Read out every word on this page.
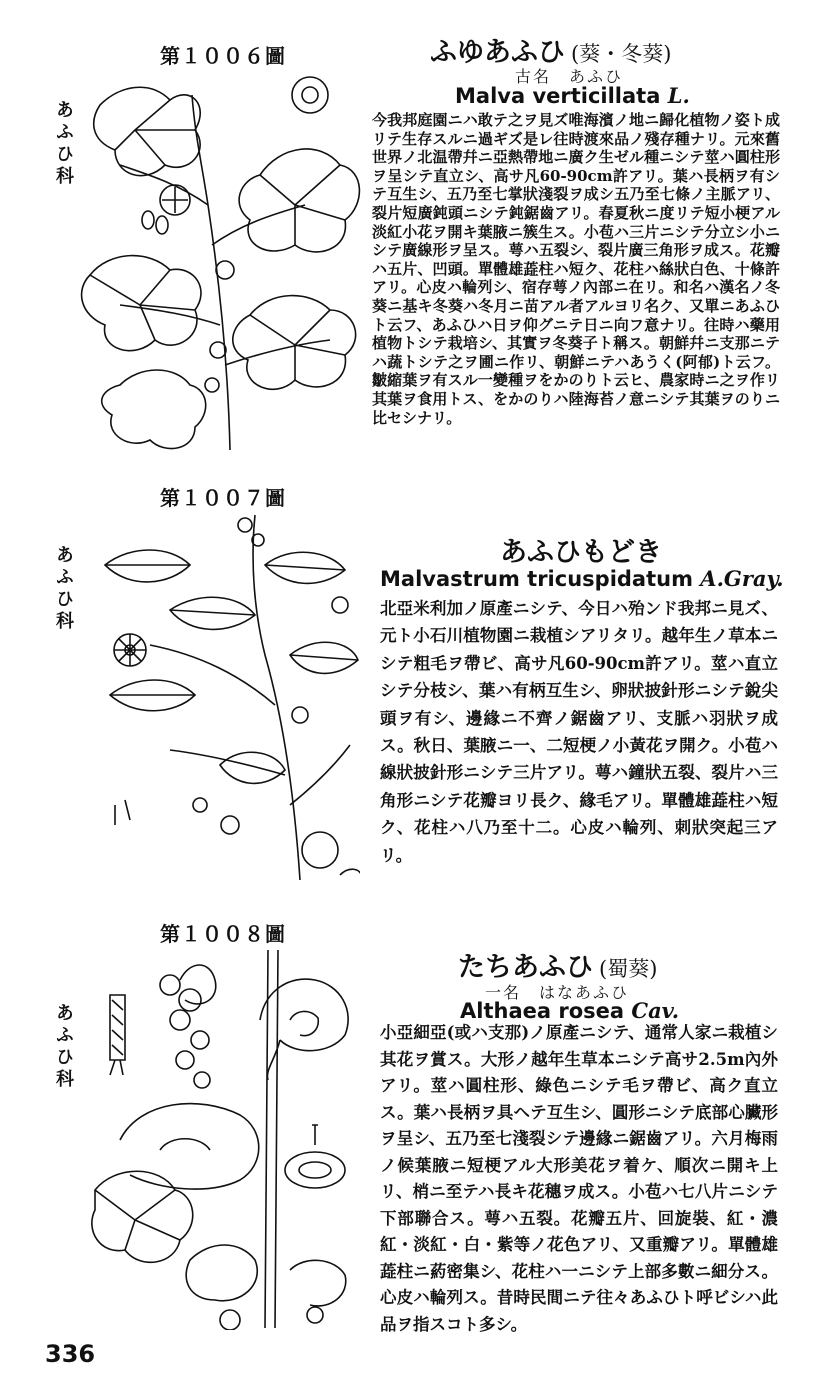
第１００６圖
あふひ科
ふゆあふひ (葵・冬葵)
古名　あふひ
Malva verticillata L.
今我邦庭園ニハ敢テ之ヲ見ズ唯海濱ノ地ニ歸化植物ノ姿ト成リテ生存スルニ過ギズ是レ往時渡來品ノ殘存種ナリ。元來舊世界ノ北温帶幷ニ亞熱帶地ニ廣ク生ゼル種ニシテ莖ハ圓柱形ヲ呈シテ直立シ、高サ凡60-90cm許アリ。葉ハ長柄ヲ有シテ互生シ、五乃至七掌狀淺裂ヲ成シ五乃至七條ノ主脈アリ、裂片短廣鈍頭ニシテ鈍鋸齒アリ。春夏秋ニ度リテ短小梗アル淡紅小花ヲ開キ葉腋ニ簇生ス。小苞ハ三片ニシテ分立シ小ニシテ廣線形ヲ呈ス。萼ハ五裂シ、裂片廣三角形ヲ成ス。花瓣ハ五片、凹頭。單體雄蕋柱ハ短ク、花柱ハ絲狀白色、十條許アリ。心皮ハ輪列シ、宿存萼ノ內部ニ在リ。和名ハ漢名ノ冬葵ニ基キ冬葵ハ冬月ニ苗アル者アルヨリ名ク、又單ニあふひト云フ、あふひハ日ヲ仰グニテ日ニ向フ意ナリ。往時ハ藥用植物トシテ栽培シ、其實ヲ冬葵子ト稱ス。朝鮮幷ニ支那ニテハ蔬トシテ之ヲ圃ニ作リ、朝鮮ニテハあうく(阿郁)ト云フ。皺縮葉ヲ有スル一變種ヲをかのりト云ヒ、農家時ニ之ヲ作リ其葉ヲ食用トス、をかのりハ陸海苔ノ意ニシテ其葉ヲのりニ比セシナリ。
第１００７圖
あふひ科	あふひもどき
Malvastrum tricuspidatum A.Gray.
北亞米利加ノ原產ニシテ、今日ハ殆ンド我邦ニ見ズ、元ト小石川植物園ニ栽植シアリタリ。越年生ノ草本ニシテ粗毛ヲ帶ビ、高サ凡60-90cm許アリ。莖ハ直立シテ分枝シ、葉ハ有柄互生シ、卵狀披針形ニシテ銳尖頭ヲ有シ、邊緣ニ不齊ノ鋸齒アリ、支脈ハ羽狀ヲ成ス。秋日、葉腋ニ一、二短梗ノ小黃花ヲ開ク。小苞ハ線狀披針形ニシテ三片アリ。萼ハ鐘狀五裂、裂片ハ三角形ニシテ花瓣ヨリ長ク、緣毛アリ。單體雄蕋柱ハ短ク、花柱ハ八乃至十二。心皮ハ輪列、刺狀突起三アリ。
第１００８圖
あふひ科
たちあふひ (蜀葵)
一名　はなあふひ
Althaea rosea Cav.
小亞細亞(或ハ支那)ノ原產ニシテ、通常人家ニ栽植シ其花ヲ賞ス。大形ノ越年生草本ニシテ高サ2.5m內外アリ。莖ハ圓柱形、綠色ニシテ毛ヲ帶ビ、高ク直立ス。葉ハ長柄ヲ具ヘテ互生シ、圓形ニシテ底部心臟形ヲ呈シ、五乃至七淺裂シテ邊緣ニ鋸齒アリ。六月梅雨ノ候葉腋ニ短梗アル大形美花ヲ着ケ、順次ニ開キ上リ、梢ニ至テハ長キ花穗ヲ成ス。小苞ハ七八片ニシテ下部聯合ス。萼ハ五裂。花瓣五片、回旋裝、紅・濃紅・淡紅・白・紫等ノ花色アリ、又重瓣アリ。單體雄蕋柱ニ葯密集シ、花柱ハ一ニシテ上部多數ニ細分ス。心皮ハ輪列ス。昔時民間ニテ往々あふひト呼ビシハ此品ヲ指スコト多シ。
336
